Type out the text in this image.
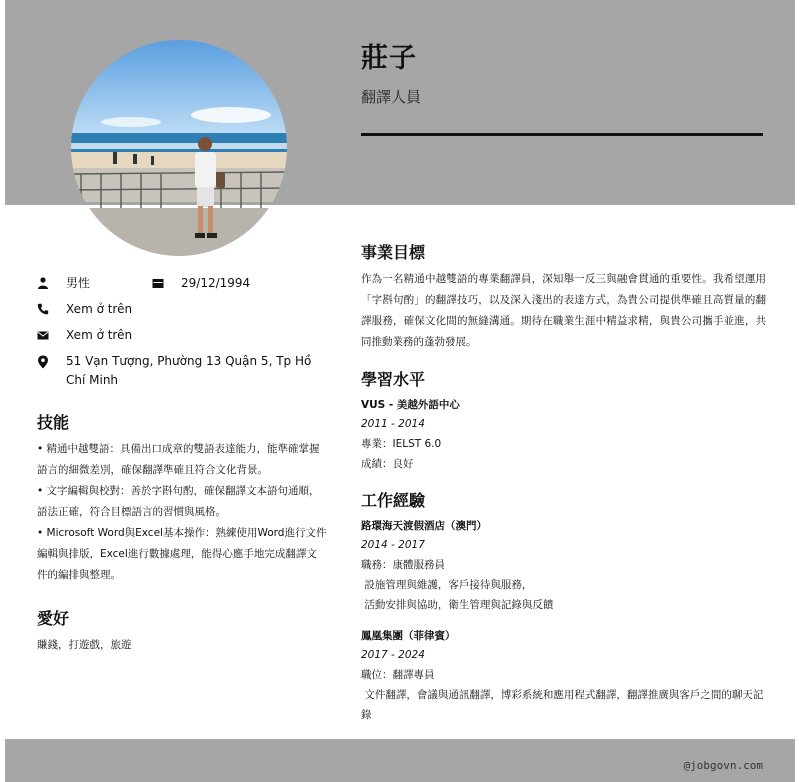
莊子
翻譯人員
男性	29/12/1994
Xem ở trên
Xem ở trên
51 Vạn Tượng, Phường 13 Quận 5, Tp Hồ Chí Minh
技能

• 精通中越雙語：具備出口成章的雙語表達能力，能準確掌握語言的細微差別，確保翻譯準確且符合文化背景。

• 文字編輯與校對：善於字斟句酌，確保翻譯文本語句通順，語法正確，符合目標語言的習慣與風格。

• Microsoft Word與Excel基本操作：熟練使用Word進行文件編輯與排版，Excel進行數據處理，能得心應手地完成翻譯文件的編排與整理。

愛好
賺錢，打遊戲，旅遊
事業目標
作為一名精通中越雙語的專業翻譯員，深知舉一反三與融會貫通的重要性。我希望運用「字斟句酌」的翻譯技巧，以及深入淺出的表達方式，為貴公司提供準確且高質量的翻譯服務，確保文化間的無縫溝通。期待在職業生涯中精益求精，與貴公司攜手並進，共同推動業務的蓬勃發展。
學習水平
VUS - 美越外語中心
2011 - 2014
專業：IELST 6.0
成績：良好
工作經驗
路環海天渡假酒店（澳門）
2014 - 2017
職務：康體服務員
設施管理與維護，客戶接待與服務，
活動安排與協助，衛生管理與記錄與反饋
鳳凰集團（菲律賓）
2017 - 2024
職位：翻譯專員
文件翻譯，會議與通訊翻譯，博彩系統和應用程式翻譯，翻譯推廣與客戶之間的聊天記錄
@jobgovn.com
